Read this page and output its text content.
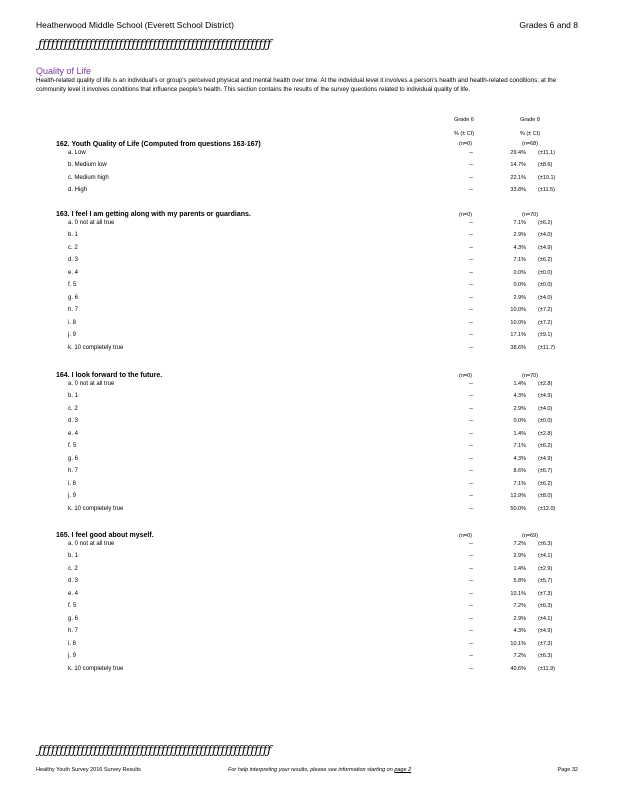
Heatherwood Middle School (Everett School District)	Grades 6 and 8
ƒƒƒƒƒƒƒƒƒƒƒƒƒƒƒƒƒƒƒƒƒƒƒƒƒƒƒƒƒƒƒƒƒƒƒƒƒƒƒƒƒƒƒƒƒƒƒƒƒƒƒƒƒƒƒ
Quality of Life
Health-related quality of life is an individual's or group's perceived physical and mental health over time. At the individual level it involves a person's health and health-related conditions; at the community level it involves conditions that influence people's health. This section contains the results of the survey questions related to individual quality of life.
Grade 6	Grade 8
% (± CI)	% (± CI)
162. Youth Quality of Life (Computed from questions 163-167)	(n=0)	(n=68)
a. Low	--	29.4% (±11.1)
b. Medium low	--	14.7% (±8.6)
c. Medium high	--	22.1% (±10.1)
d. High	--	33.8% (±11.5)
163. I feel I am getting along with my parents or guardians.	(n=0)	(n=70)
a. 0 not at all true	--	7.1% (±6.2)
b. 1	--	2.9% (±4.0)
c. 2	--	4.3% (±4.9)
d. 3	--	7.1% (±6.2)
e. 4	--	0.0% (±0.0)
f. 5	--	0.0% (±0.0)
g. 6	--	2.9% (±4.0)
h. 7	--	10.0% (±7.2)
i. 8	--	10.0% (±7.2)
j. 9	--	17.1% (±9.1)
k. 10 completely true	--	38.6% (±11.7)
164. I look forward to the future.	(n=0)	(n=70)
a. 0 not at all true	--	1.4% (±2.8)
b. 1	--	4.3% (±4.9)
c. 2	--	2.9% (±4.0)
d. 3	--	0.0% (±0.0)
e. 4	--	1.4% (±2.8)
f. 5	--	7.1% (±6.2)
g. 6	--	4.3% (±4.9)
h. 7	--	8.6% (±6.7)
i. 8	--	7.1% (±6.2)
j. 9	--	12.9% (±8.0)
k. 10 completely true	--	50.0% (±12.0)
165. I feel good about myself.	(n=0)	(n=69)
a. 0 not at all true	--	7.2% (±6.3)
b. 1	--	2.9% (±4.1)
c. 2	--	1.4% (±2.9)
d. 3	--	5.8% (±5.7)
e. 4	--	10.1% (±7.3)
f. 5	--	7.2% (±6.3)
g. 6	--	2.9% (±4.1)
h. 7	--	4.3% (±4.9)
i. 8	--	10.1% (±7.3)
j. 9	--	7.2% (±6.3)
k. 10 completely true	--	40.6% (±11.9)
ƒƒƒƒƒƒƒƒƒƒƒƒƒƒƒƒƒƒƒƒƒƒƒƒƒƒƒƒƒƒƒƒƒƒƒƒƒƒƒƒƒƒƒƒƒƒƒƒƒƒƒƒƒƒƒ
Healthy Youth Survey 2016 Survey Results	For help interpreting your results, please see information starting on page 2	Page 32
